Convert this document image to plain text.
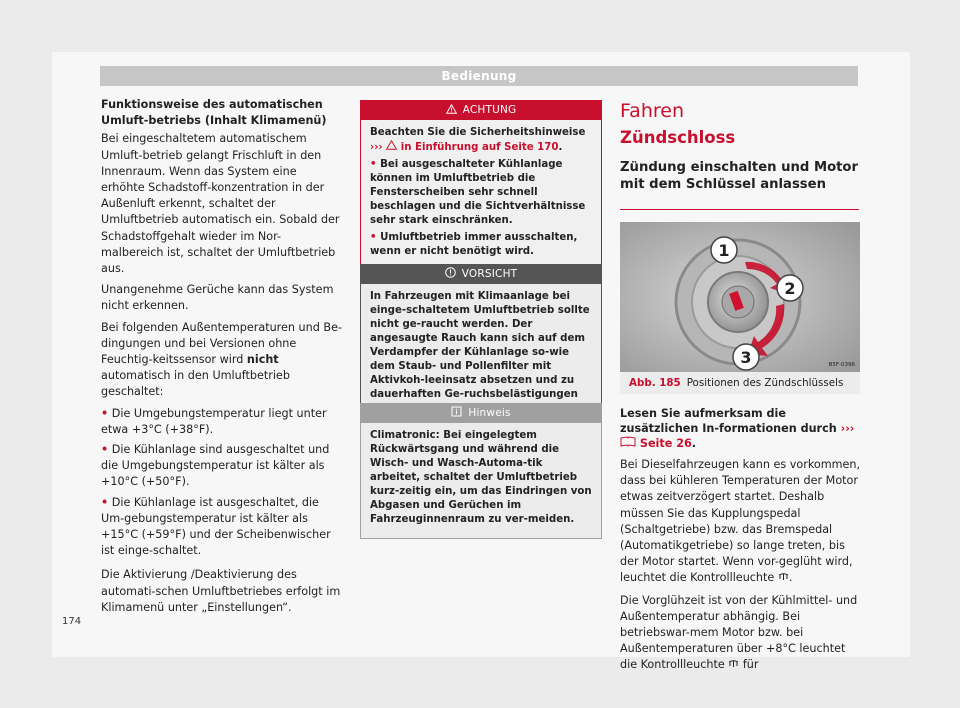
Bedienung

Funktionsweise des automatischen Umluft-betriebs (Inhalt Klimamenü)

Bei eingeschaltetem automatischem Umluft-betrieb gelangt Frischluft in den Innenraum. Wenn das System eine erhöhte Schadstoff-konzentration in der Außenluft erkennt, schaltet der Umluftbetrieb automatisch ein. Sobald der Schadstoffgehalt wieder im Nor-malbereich ist, schaltet der Umluftbetrieb aus.

Unangenehme Gerüche kann das System nicht erkennen.

Bei folgenden Außentemperaturen und Be-dingungen und bei Versionen ohne Feuchtig-keitssensor wird nicht automatisch in den Umluftbetrieb geschaltet:

• Die Umgebungstemperatur liegt unter etwa +3°C (+38°F).

• Die Kühlanlage sind ausgeschaltet und die Umgebungstemperatur ist kälter als +10°C (+50°F).

• Die Kühlanlage ist ausgeschaltet, die Um-gebungstemperatur ist kälter als +15°C (+59°F) und der Scheibenwischer ist einge-schaltet.

Die Aktivierung /Deaktivierung des automati-schen Umluftbetriebes erfolgt im Klimamenü unter „Einstellungen“.

174
ACHTUNG

Beachten Sie die Sicherheitshinweise ›››  in Einführung auf Seite 170.

• Bei ausgeschalteter Kühlanlage können im Umluftbetrieb die Fensterscheiben sehr schnell beschlagen und die Sichtverhältnisse sehr stark einschränken.

• Umluftbetrieb immer ausschalten, wenn er nicht benötigt wird.

VORSICHT

In Fahrzeugen mit Klimaanlage bei einge-schaltetem Umluftbetrieb sollte nicht ge-raucht werden. Der angesaugte Rauch kann sich auf dem Verdampfer der Kühlanlage so-wie dem Staub- und Pollenfilter mit Aktivkoh-leeinsatz absetzen und zu dauerhaften Ge-ruchsbelästigungen

Hinweis

Climatronic: Bei eingelegtem Rückwärtsgang und während die Wisch- und Wasch-Automa-tik arbeitet, schaltet der Umluftbetrieb kurz-zeitig ein, um das Eindringen von Abgasen und Gerüchen im Fahrzeuginnenraum zu ver-meiden.

Fahren
Zündschloss
Zündung einschalten und Motor mit dem Schlüssel anlassen
1
2
3	B5F-0396
Abb. 185 Positionen des Zündschlüssels

Lesen Sie aufmerksam die zusätzlichen In-formationen durch ›››  Seite 26.

Bei Dieselfahrzeugen kann es vorkommen, dass bei kühleren Temperaturen der Motor etwas zeitverzögert startet. Deshalb müssen Sie das Kupplungspedal (Schaltgetriebe) bzw. das Bremspedal (Automatikgetriebe) so lange treten, bis der Motor startet. Wenn vor-geglüht wird, leuchtet die Kontrollleuchte .

Die Vorglühzeit ist von der Kühlmittel- und Außentemperatur abhängig. Bei betriebswar-mem Motor bzw. bei Außentemperaturen über +8°C leuchtet die Kontrollleuchte  für
